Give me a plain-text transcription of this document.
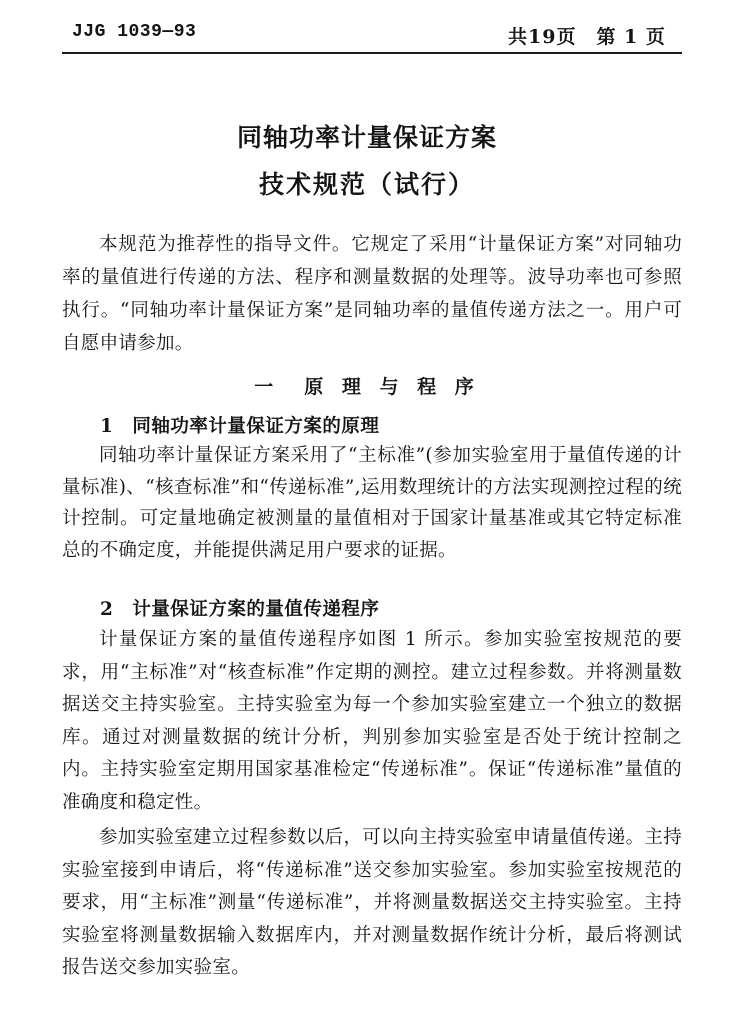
JJG 1039—93	共19页　第 1 页
同轴功率计量保证方案
技术规范（试行）
本规范为推荐性的指导文件。它规定了采用“计量保证方案”对同轴功率的量值进行传递的方法、程序和测量数据的处理等。波导功率也可参照执行。“同轴功率计量保证方案”是同轴功率的量值传递方法之一。用户可自愿申请参加。
一　原 理 与 程 序
1　同轴功率计量保证方案的原理
同轴功率计量保证方案采用了“主标准”(参加实验室用于量值传递的计量标准)、“核查标准”和“传递标准”,运用数理统计的方法实现测控过程的统计控制。可定量地确定被测量的量值相对于国家计量基准或其它特定标准总的不确定度，并能提供满足用户要求的证据。
2　计量保证方案的量值传递程序
计量保证方案的量值传递程序如图 1 所示。参加实验室按规范的要求，用“主标准”对“核查标准”作定期的测控。建立过程参数。并将测量数据送交主持实验室。主持实验室为每一个参加实验室建立一个独立的数据库。通过对测量数据的统计分析，判别参加实验室是否处于统计控制之内。主持实验室定期用国家基准检定“传递标准”。保证“传递标准”量值的准确度和稳定性。
参加实验室建立过程参数以后，可以向主持实验室申请量值传递。主持实验室接到申请后，将“传递标准”送交参加实验室。参加实验室按规范的要求，用“主标准”测量“传递标准”，并将测量数据送交主持实验室。主持实验室将测量数据输入数据库内，并对测量数据作统计分析，最后将测试报告送交参加实验室。
